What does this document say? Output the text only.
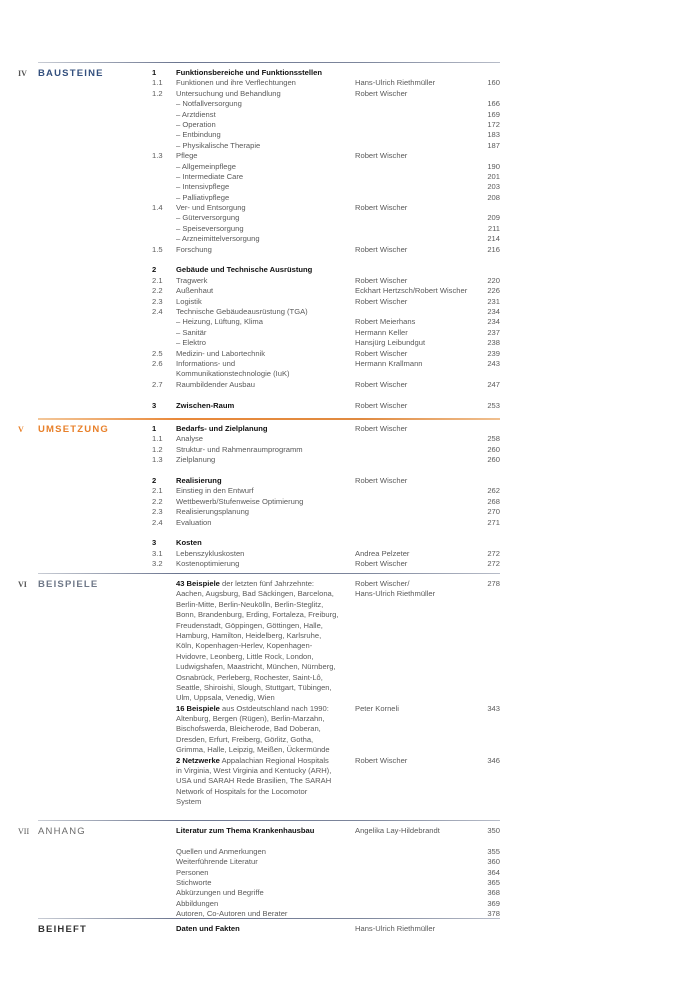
IV BAUSTEINE	1	Funktionsbereiche und Funktionsstellen
1.1 Funktionen und ihre Verflechtungen	Hans-Ulrich Riethmüller	160
1.2 Untersuchung und Behandlung	Robert Wischer
– Notfallversorgung	166
– Arztdienst	169
– Operation	172
– Entbindung	183
– Physikalische Therapie	187
1.3 Pflege	Robert Wischer
– Allgemeinpflege	190
– Intermediate Care	201
– Intensivpflege	203
– Palliativpflege	208
1.4 Ver- und Entsorgung	Robert Wischer
– Güterversorgung	209
– Speiseversorgung	211
– Arzneimittelversorgung	214
1.5 Forschung	Robert Wischer	216
2	Gebäude und Technische Ausrüstung
2.1 Tragwerk	Robert Wischer	220
2.2 Außenhaut	Eckhart Hertzsch/Robert Wischer	226
2.3 Logistik	Robert Wischer	231
2.4 Technische Gebäudeausrüstung (TGA)	234
– Heizung, Lüftung, Klima	Robert Meierhans	234
– Sanitär	Hermann Keller	237
– Elektro	Hansjürg Leibundgut	238
2.5 Medizin- und Labortechnik	Robert Wischer	239
2.6 Informations- und	Hermann Krallmann	243
Kommunikationstechnologie (IuK)
2.7 Raumbildender Ausbau	Robert Wischer	247
3	Zwischen-Raum	Robert Wischer	253
V UMSETZUNG	1	Bedarfs- und Zielplanung	Robert Wischer
1.1 Analyse	258
1.2 Struktur- und Rahmenraumprogramm	260
1.3 Zielplanung	260
2	Realisierung	Robert Wischer
2.1 Einstieg in den Entwurf	262
2.2 Wettbewerb/Stufenweise Optimierung	268
2.3 Realisierungsplanung	270
2.4 Evaluation	271
3	Kosten
3.1 Lebenszykluskosten	Andrea Pelzeter	272
3.2 Kostenoptimierung	Robert Wischer	272
VI BEISPIELE	43 Beispiele der letzten fünf Jahrzehnte:	Robert Wischer/	278
Aachen, Augsburg, Bad Säckingen, Barcelona,	Hans-Ulrich Riethmüller
Berlin-Mitte, Berlin-Neukölln, Berlin-Steglitz,
Bonn, Brandenburg, Erding, Fortaleza, Freiburg,
Freudenstadt, Göppingen, Göttingen, Halle,
Hamburg, Hamilton, Heidelberg, Karlsruhe,
Köln, Kopenhagen-Herlev, Kopenhagen-
Hvidovre, Leonberg, Little Rock, London,
Ludwigshafen, Maastricht, München, Nürnberg,
Osnabrück, Perleberg, Rochester, Saint-Lô,
Seattle, Shiroishi, Slough, Stuttgart, Tübingen,
Ulm, Uppsala, Venedig, Wien
16 Beispiele aus Ostdeutschland nach 1990:	Peter Korneli	343
Altenburg, Bergen (Rügen), Berlin-Marzahn,
Bischofswerda, Bleicherode, Bad Doberan,
Dresden, Erfurt, Freiberg, Görlitz, Gotha,
Grimma, Halle, Leipzig, Meißen, Ückermünde
2 Netzwerke Appalachian Regional Hospitals	Robert Wischer	346
in Virginia, West Virginia and Kentucky (ARH),
USA und SARAH Rede Brasilien, The SARAH
Network of Hospitals for the Locomotor
System
VII ANHANG	Literatur zum Thema Krankenhausbau	Angelika Lay-Hildebrandt	350
Quellen und Anmerkungen	355
Weiterführende Literatur	360
Personen	364
Stichworte	365
Abkürzungen und Begriffe	368
Abbildungen	369
Autoren, Co-Autoren und Berater	378
BEIHEFT	Daten und Fakten	Hans-Ulrich Riethmüller
